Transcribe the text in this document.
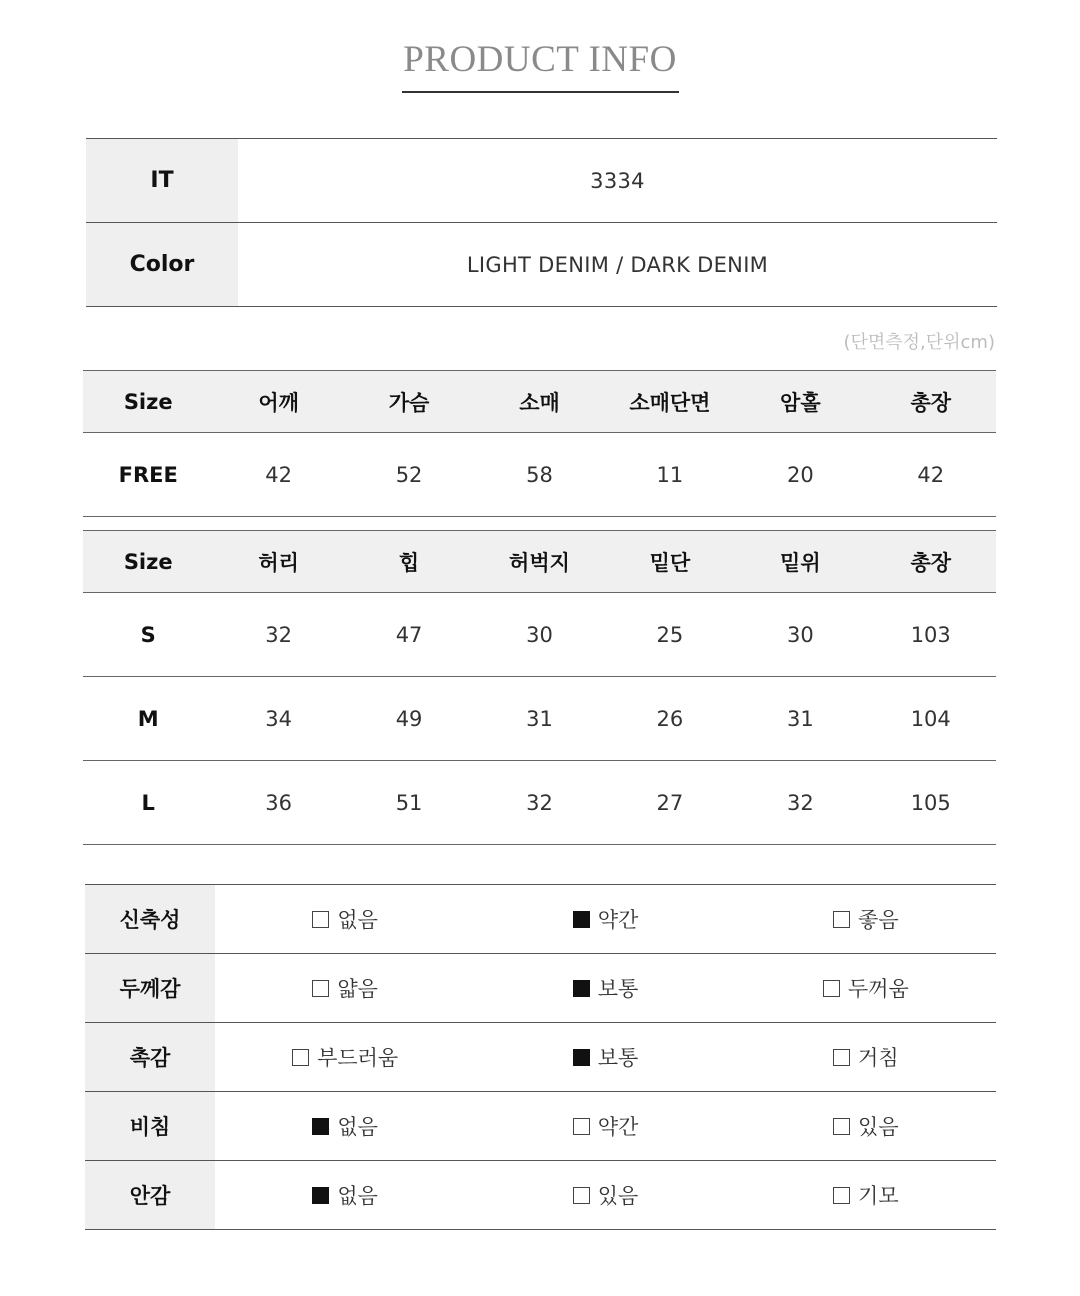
PRODUCT INFO
IT	3334
Color	LIGHT DENIM / DARK DENIM
(단면측정,단위cm)
Size	어깨	가슴	소매	소매단면	암홀	총장
FREE	42	52	58	11	20	42
Size	허리	힙	허벅지	밑단	밑위	총장
S	32	47	30	25	30	103
M	34	49	31	26	31	104
L	36	51	32	27	32	105
신축성	없음	약간	좋음
두께감	얇음	보통	두꺼움
촉감	부드러움	보통	거침
비침	없음	약간	있음
안감	없음	있음	기모
